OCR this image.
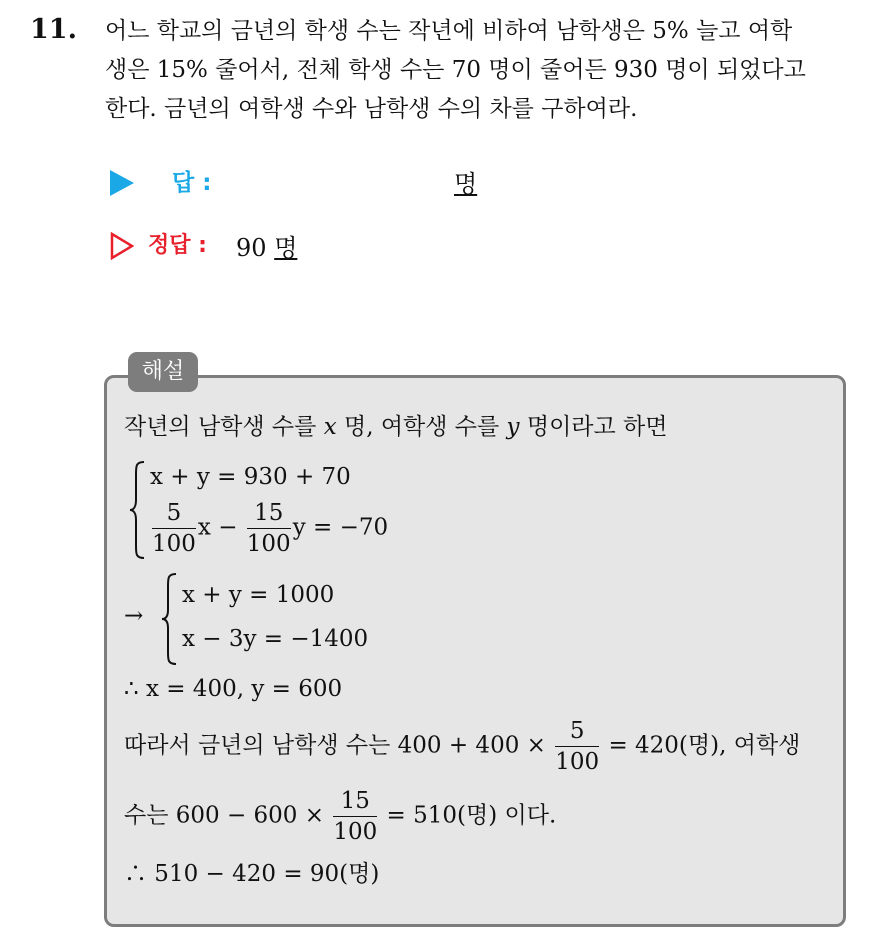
11. 어느 학교의 금년의 학생 수는 작년에 비하여 남학생은 5% 늘고 여학
생은 15% 줄어서, 전체 학생 수는 70 명이 줄어든 930 명이 되었다고
한다. 금년의 여학생 수와 남학생 수의 차를 구하여라.
답 :	명
정답 : 90 명
해설
작년의 남학생 수를 x 명, 여학생 수를 y 명이라고 하면
x + y = 930 + 70
$\frac{5}{100}$ $x - \frac{15}{100}$ y = −70
→
x + y = 1000
x − 3y = −1400
∴ x = 400, y = 600
따라서 금년의 남학생 수는 $400 + 400 \times \frac{5}{100} = 420$(명), 여학생
수는 $600 - 600 \times \frac{15}{100} = 510$(명) 이다.
∴ 510 − 420 = 90(명)
